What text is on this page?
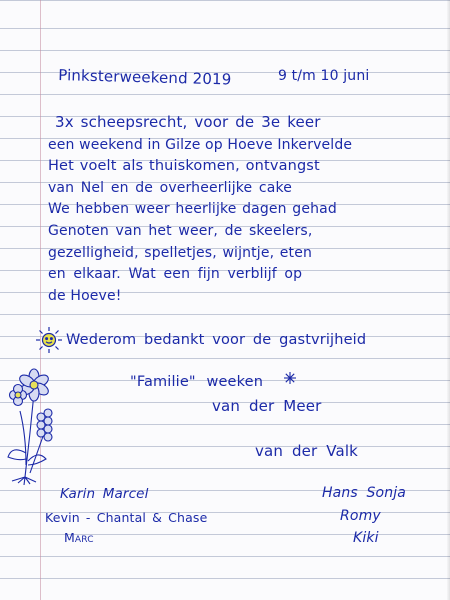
Pinksterweekend 2019	9 t/m 10 juni
3x scheepsrecht, voor de 3e keer
een weekend in Gilze op Hoeve Inkervelde
Het voelt als thuiskomen, ontvangst
van Nel en de overheerlijke cake
We hebben weer heerlijke dagen gehad
Genoten van het weer, de skeelers,
gezelligheid, spelletjes, wijntje, eten
en elkaar. Wat een fijn verblijf op
de Hoeve!
Wederom bedankt voor de gastvrijheid
"Familie" weeken
van der Meer
van der Valk
Karin Marcel
Kevin - Chantal & Chase
Marc
Hans Sonja
Romy
Kiki
